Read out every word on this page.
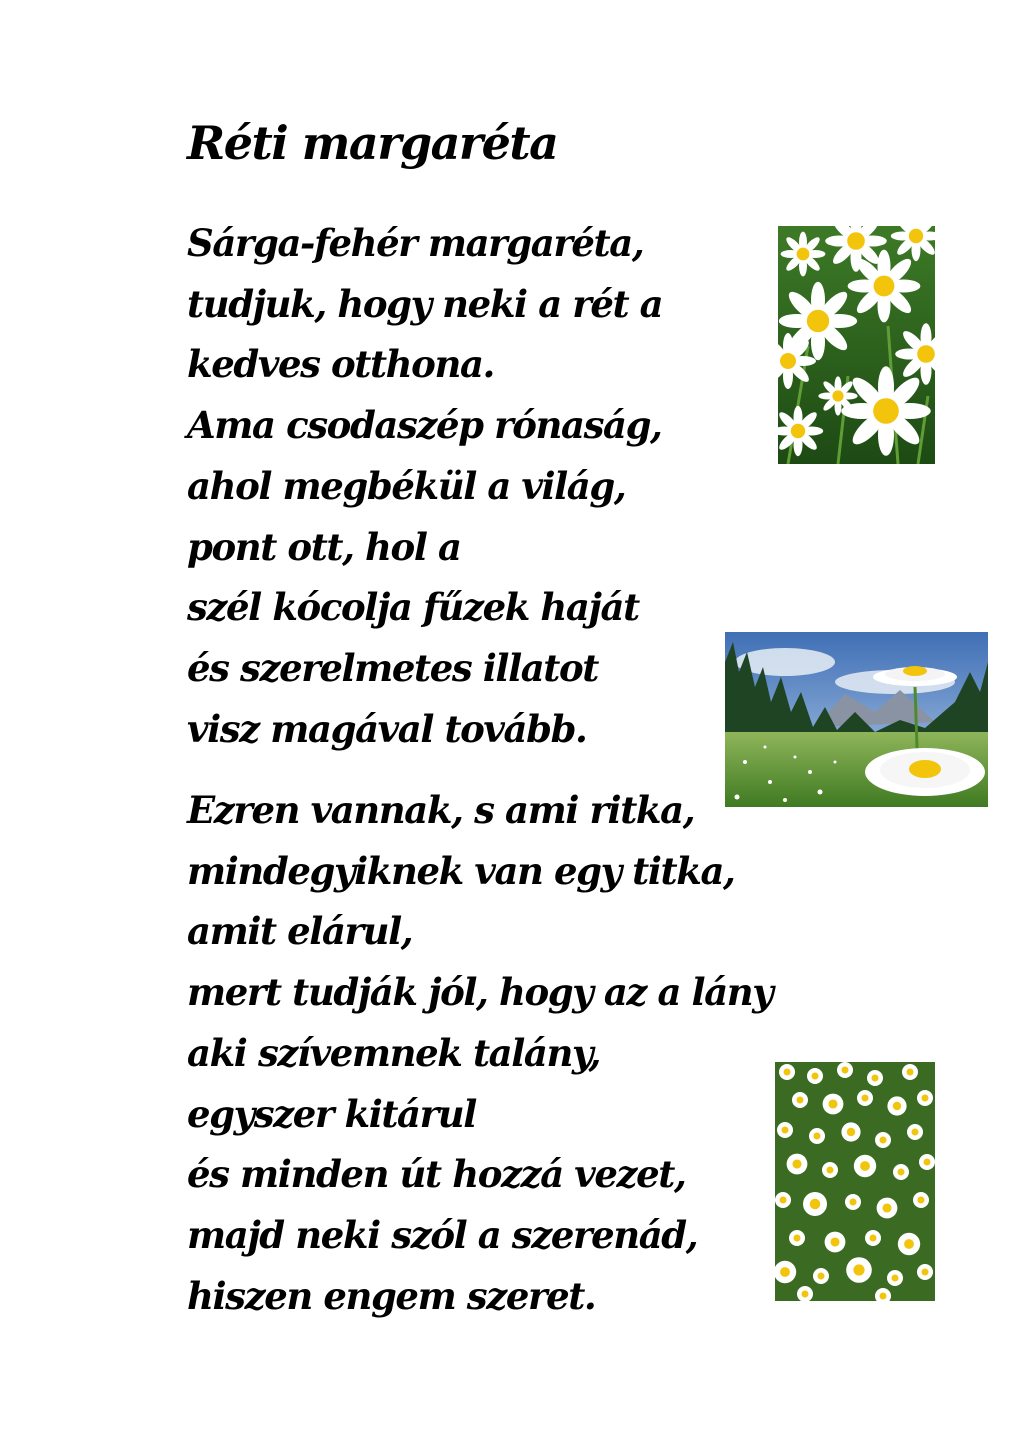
Réti margaréta
Sárga-fehér margaréta,
tudjuk, hogy neki a rét a
kedves otthona.
Ama csodaszép rónaság,
ahol megbékül a világ,
pont ott, hol a
szél kócolja fűzek haját
és szerelmetes illatot
visz magával tovább.
Ezren vannak, s ami ritka,
mindegyiknek van egy titka,
amit elárul,
mert tudják jól, hogy az a lány
aki szívemnek talány,
egyszer kitárul
és minden út hozzá vezet,
majd neki szól a szerenád,
hiszen engem szeret.
